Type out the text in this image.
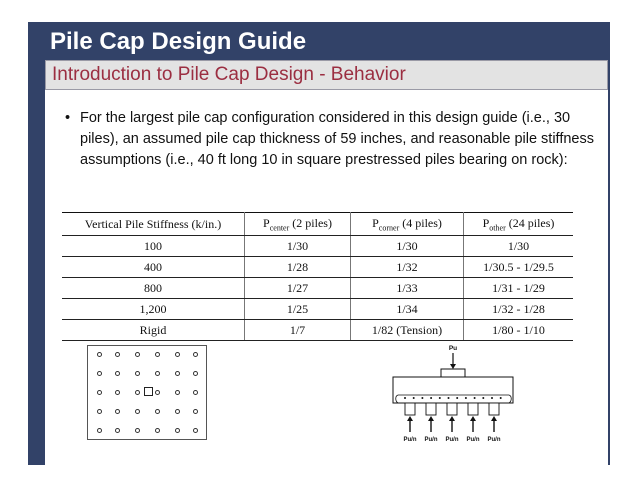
Pile Cap Design Guide
Introduction to Pile Cap Design - Behavior
• For the largest pile cap configuration considered in this design guide (i.e., 30 piles), an assumed pile cap thickness of 59 inches, and reasonable pile stiffness assumptions (i.e., 40 ft long 10 in square prestressed piles bearing on rock):
Vertical Pile Stiffness (k/in.)	$P_{center}$ (2 piles)	$P_{corner}$ (4 piles)	$P_{other}$ (24 piles)
100	1/30	1/30	1/30
400	1/28	1/32	1/30.5 - 1/29.5
800	1/27	1/33	1/31 - 1/29
1,200	1/25	1/34	1/32 - 1/28
Rigid	1/7	1/82 (Tension)	1/80 - 1/10
Pu
Pu/n Pu/n Pu/n Pu/n Pu/n
